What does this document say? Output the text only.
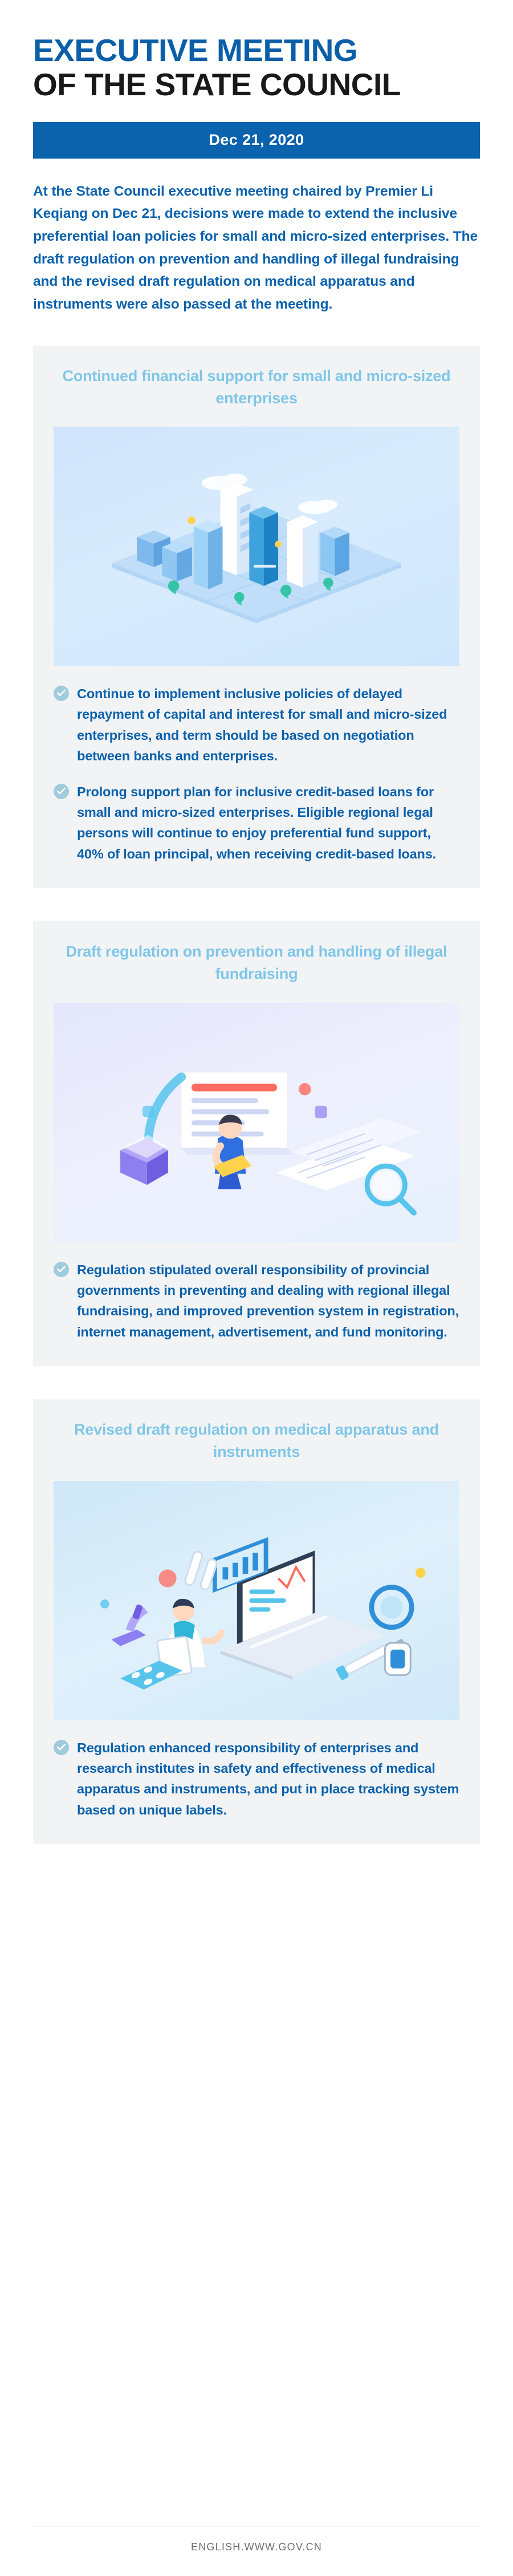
EXECUTIVE MEETING
OF THE STATE COUNCIL
Dec 21, 2020

At the State Council executive meeting chaired by Premier Li Keqiang on Dec 21, decisions were made to extend the inclusive preferential loan policies for small and micro-sized enterprises. The draft regulation on prevention and handling of illegal fundraising and the revised draft regulation on medical apparatus and instruments were also passed at the meeting.

Continued financial support for small and micro-sized enterprises
Continue to implement inclusive policies of delayed repayment of capital and interest for small and micro-sized enterprises, and term should be based on negotiation between banks and enterprises.
Prolong support plan for inclusive credit-based loans for small and micro-sized enterprises. Eligible regional legal persons will continue to enjoy preferential fund support, 40% of loan principal, when receiving credit-based loans.
Draft regulation on prevention and handling of illegal fundraising
Regulation stipulated overall responsibility of provincial governments in preventing and dealing with regional illegal fundraising, and improved prevention system in registration, internet management, advertisement, and fund monitoring.
Revised draft regulation on medical apparatus and instruments
Regulation enhanced responsibility of enterprises and research institutes in safety and effectiveness of medical apparatus and instruments, and put in place tracking system based on unique labels.
ENGLISH.WWW.GOV.CN
